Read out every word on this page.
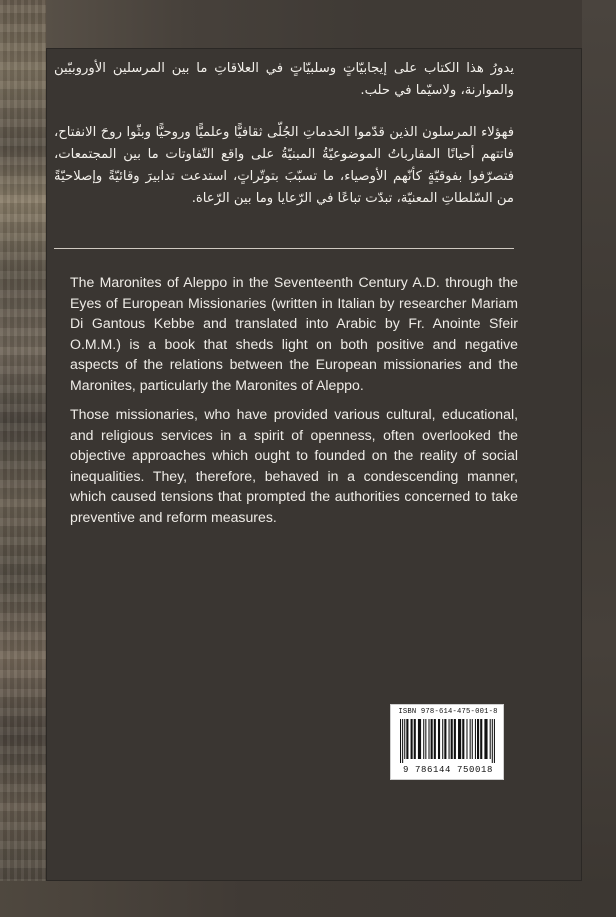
يدورُ هذا الكتاب على إيجابيّاتٍ وسلبيّاتٍ في العلاقاتِ ما بين المرسلين الأوروبيّين والموارنة، ولاسيّما في حلب.

فهؤلاء المرسلون الذين قدّموا الخدماتِ الجُلّى ثقافيًّا وعلميًّا وروحيًّا وبثّوا روحَ الانفتاح، فاتتهم أحيانًا المقارباتُ الموضوعيّةُ المبنيّةُ على واقع التّفاوتات ما بين المجتمعات، فتصرّفوا بفوقيّةٍ كأنّهم الأوصياء، ما تسبّبَ بتوتّراتٍ، استدعت تدابيرَ وقائيّةً وإصلاحيّةً من السّلطاتِ المعنيّة، تبدّت تباعًا في الرّعايا وما بين الرّعاة.

The Maronites of Aleppo in the Seventeenth Century A.D. through the Eyes of European Missionaries (written in Italian by researcher Mariam Di Gantous Kebbe and translated into Arabic by Fr. Anointe Sfeir O.M.M.) is a book that sheds light on both positive and negative aspects of the relations between the European missionaries and the Maronites, particularly the Maronites of Aleppo.

Those missionaries, who have provided various cultural, educational, and religious services in a spirit of openness, often overlooked the objective approaches which ought to founded on the reality of social inequalities. They, therefore, behaved in a condescending manner, which caused tensions that prompted the authorities concerned to take preventive and reform measures.

ISBN 978-614-475-001-8
9 786144 750018
